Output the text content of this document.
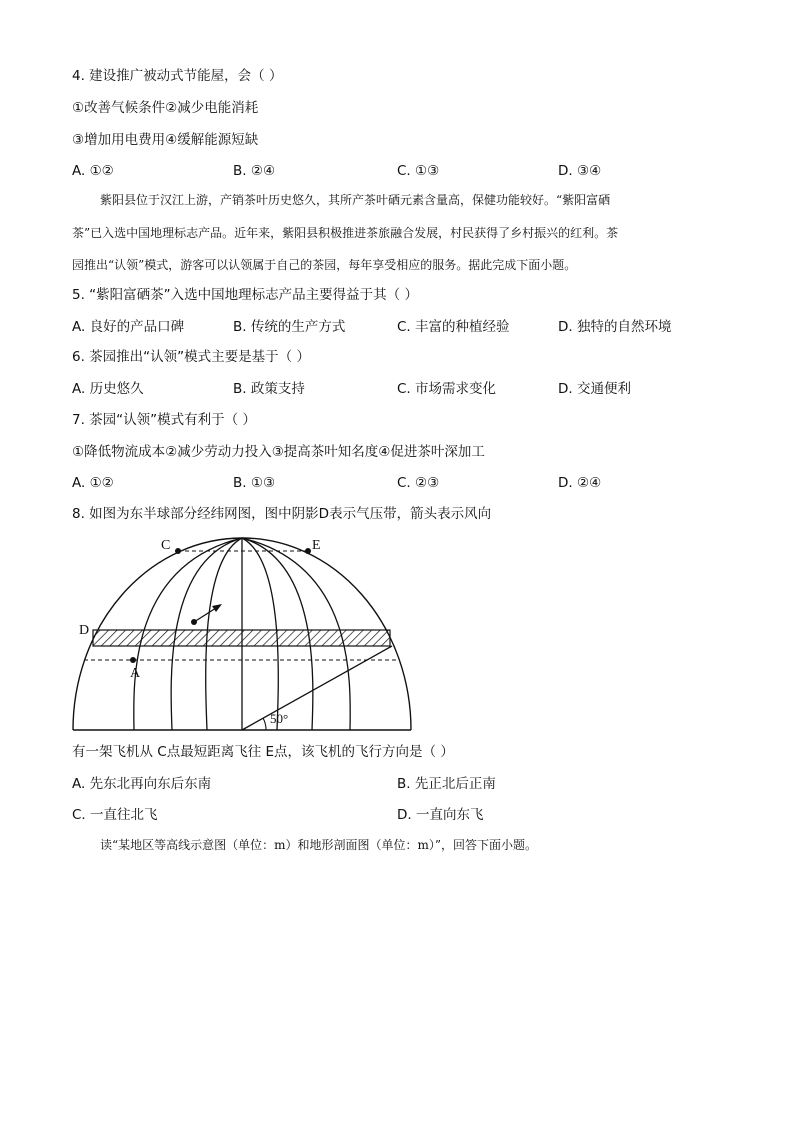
4. 建设推广被动式节能屋，会（ ）
①改善气候条件②减少电能消耗
③增加用电费用④缓解能源短缺
A. ①②	B. ②④	C. ①③	D. ③④
紫阳县位于汉江上游，产销茶叶历史悠久，其所产茶叶硒元素含量高，保健功能较好。“紫阳富硒
茶”已入选中国地理标志产品。近年来，紫阳县积极推进茶旅融合发展，村民获得了乡村振兴的红利。茶
园推出“认领”模式，游客可以认领属于自己的茶园，每年享受相应的服务。据此完成下面小题。
5. “紫阳富硒茶”入选中国地理标志产品主要得益于其（ ）
A. 良好的产品口碑	B. 传统的生产方式	C. 丰富的种植经验	D. 独特的自然环境
6. 茶园推出“认领”模式主要是基于（ ）
A. 历史悠久	B. 政策支持	C. 市场需求变化	D. 交通便利
7. 茶园“认领”模式有利于（ ）
①降低物流成本②减少劳动力投入③提高茶叶知名度④促进茶叶深加工
A. ①②	B. ①③	C. ②③	D. ②④
8. 如图为东半球部分经纬网图，图中阴影D表示气压带，箭头表示风向
C	E
D
A
50°
有一架飞机从 C点最短距离飞往 E点，该飞机的飞行方向是（ ）
A. 先东北再向东后东南	B. 先正北后正南
C. 一直往北飞	D. 一直向东飞
读“某地区等高线示意图（单位：m）和地形剖面图（单位：m）”，回答下面小题。
